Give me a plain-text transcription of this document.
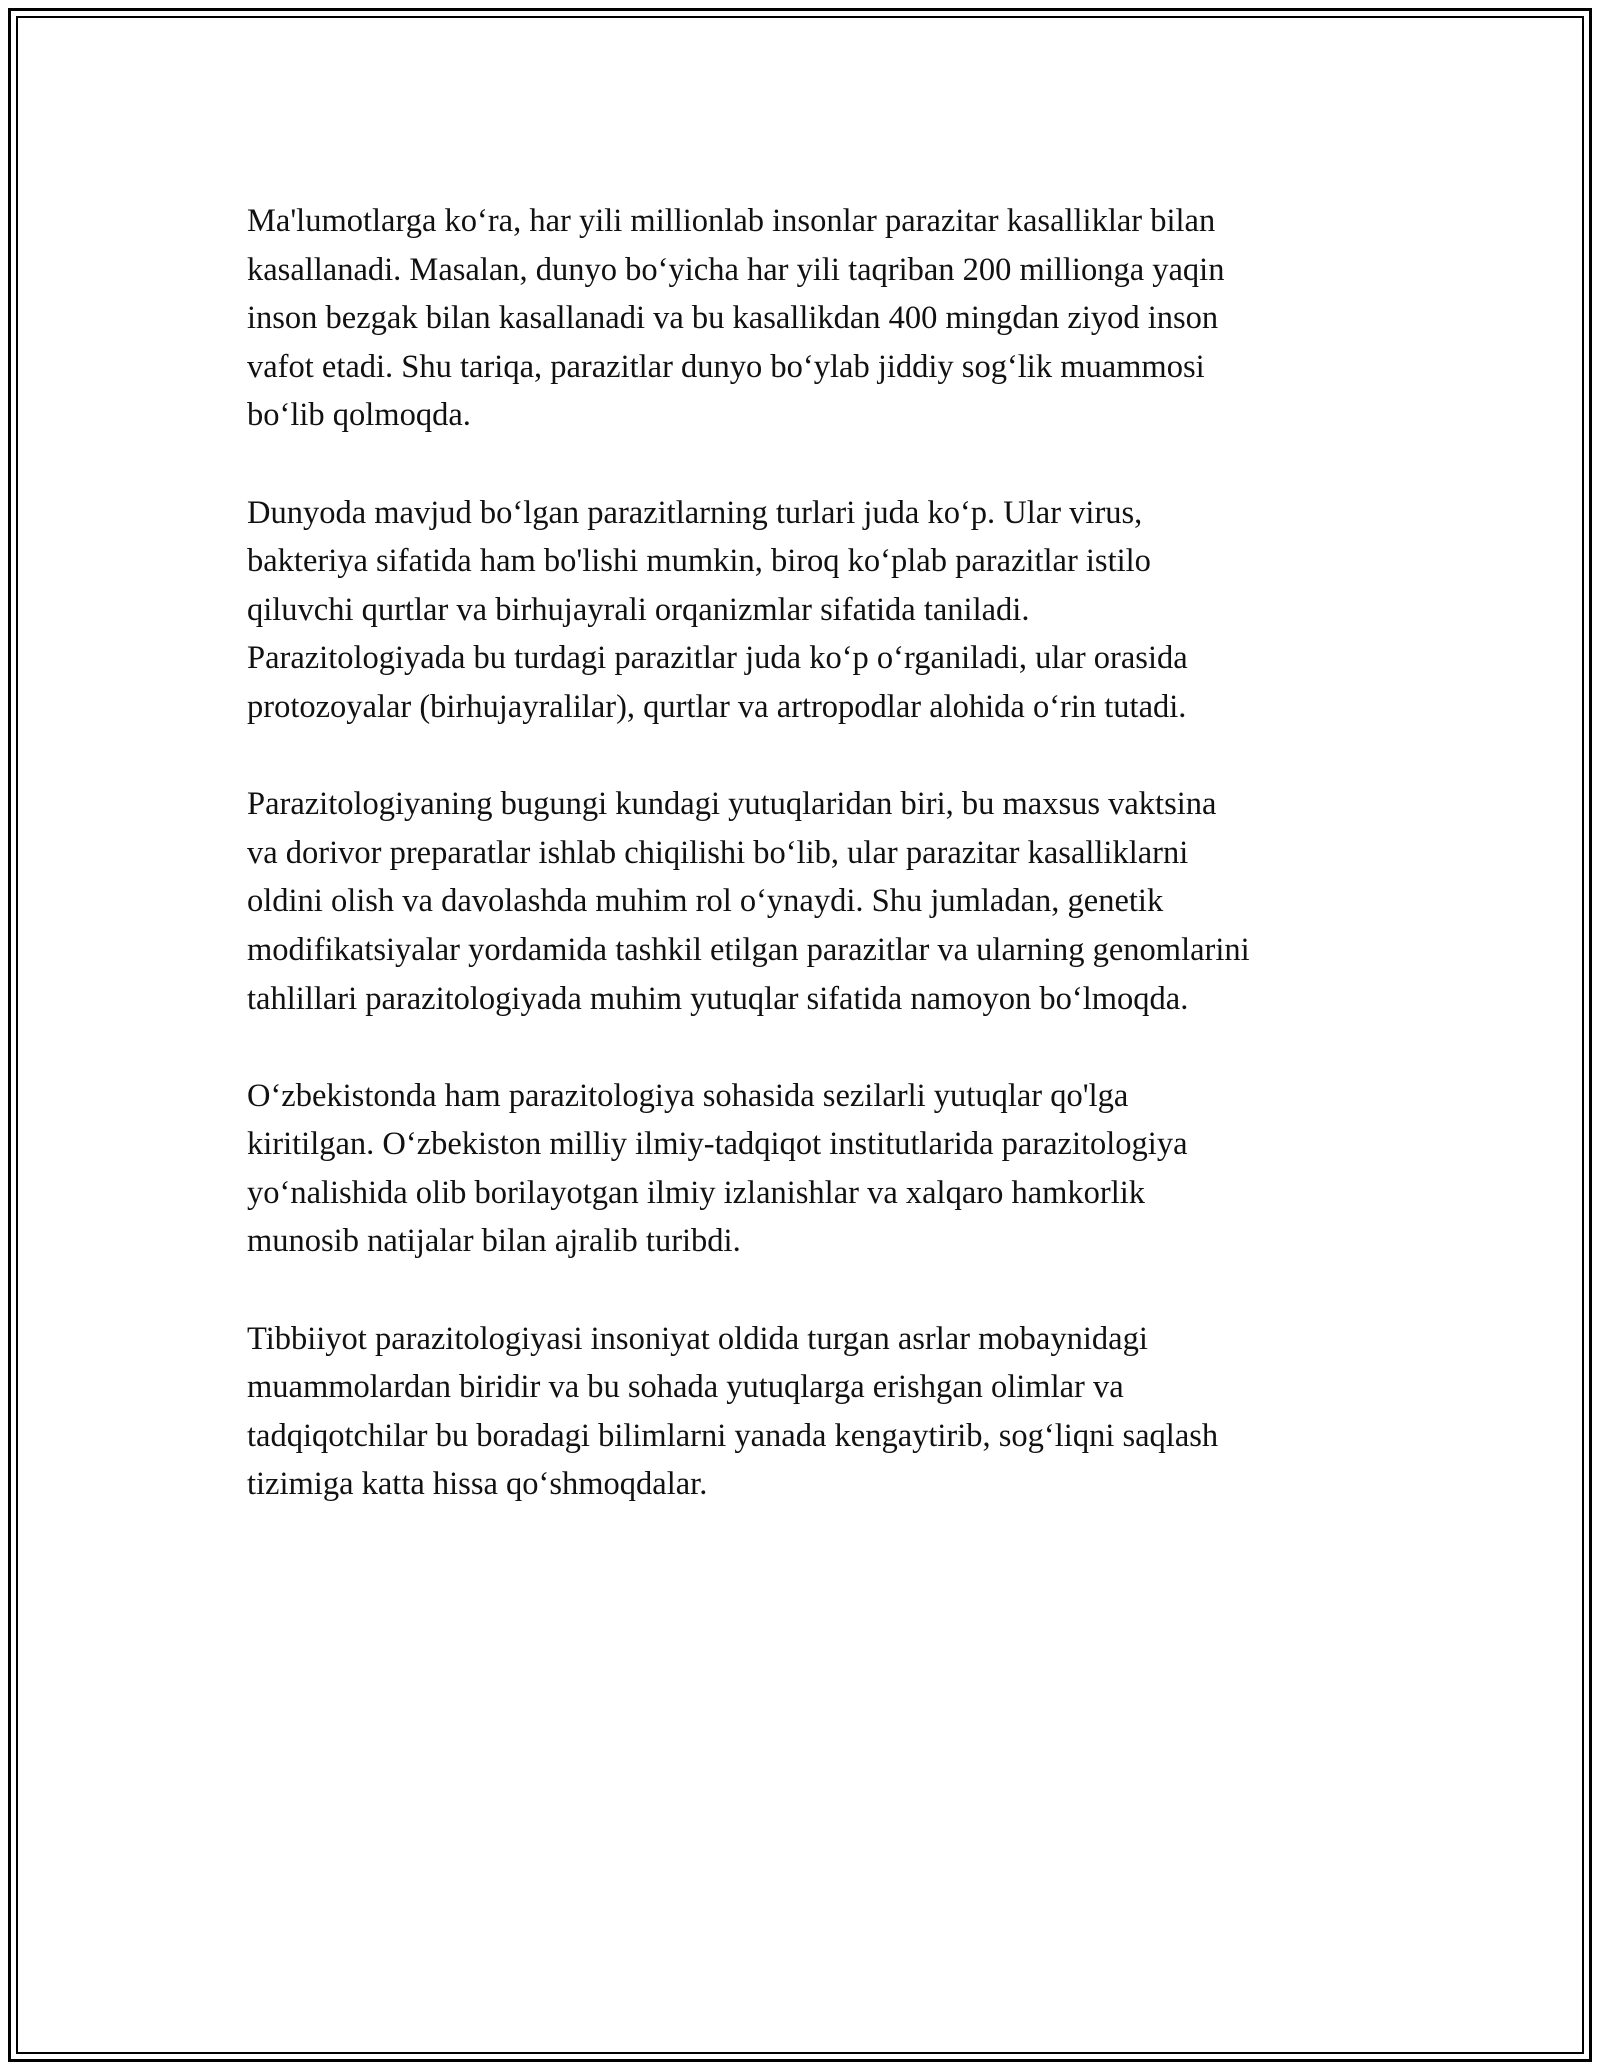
Ma'lumotlarga ko‘ra, har yili millionlab insonlar parazitar kasalliklar bilan
kasallanadi. Masalan, dunyo bo‘yicha har yili taqriban 200 millionga yaqin
inson bezgak bilan kasallanadi va bu kasallikdan 400 mingdan ziyod inson
vafot etadi. Shu tariqa, parazitlar dunyo bo‘ylab jiddiy sog‘lik muammosi
bo‘lib qolmoqda.

Dunyoda mavjud bo‘lgan parazitlarning turlari juda ko‘p. Ular virus,
bakteriya sifatida ham bo'lishi mumkin, biroq ko‘plab parazitlar istilo
qiluvchi qurtlar va birhujayrali orqanizmlar sifatida taniladi.
Parazitologiyada bu turdagi parazitlar juda ko‘p o‘rganiladi, ular orasida
protozoyalar (birhujayralilar), qurtlar va artropodlar alohida o‘rin tutadi.

Parazitologiyaning bugungi kundagi yutuqlaridan biri, bu maxsus vaktsina
va dorivor preparatlar ishlab chiqilishi bo‘lib, ular parazitar kasalliklarni
oldini olish va davolashda muhim rol o‘ynaydi. Shu jumladan, genetik
modifikatsiyalar yordamida tashkil etilgan parazitlar va ularning genomlarini
tahlillari parazitologiyada muhim yutuqlar sifatida namoyon bo‘lmoqda.

O‘zbekistonda ham parazitologiya sohasida sezilarli yutuqlar qo'lga
kiritilgan. O‘zbekiston milliy ilmiy-tadqiqot institutlarida parazitologiya
yo‘nalishida olib borilayotgan ilmiy izlanishlar va xalqaro hamkorlik
munosib natijalar bilan ajralib turibdi.

Tibbiiyot parazitologiyasi insoniyat oldida turgan asrlar mobaynidagi
muammolardan biridir va bu sohada yutuqlarga erishgan olimlar va
tadqiqotchilar bu boradagi bilimlarni yanada kengaytirib, sog‘liqni saqlash
tizimiga katta hissa qo‘shmoqdalar.
